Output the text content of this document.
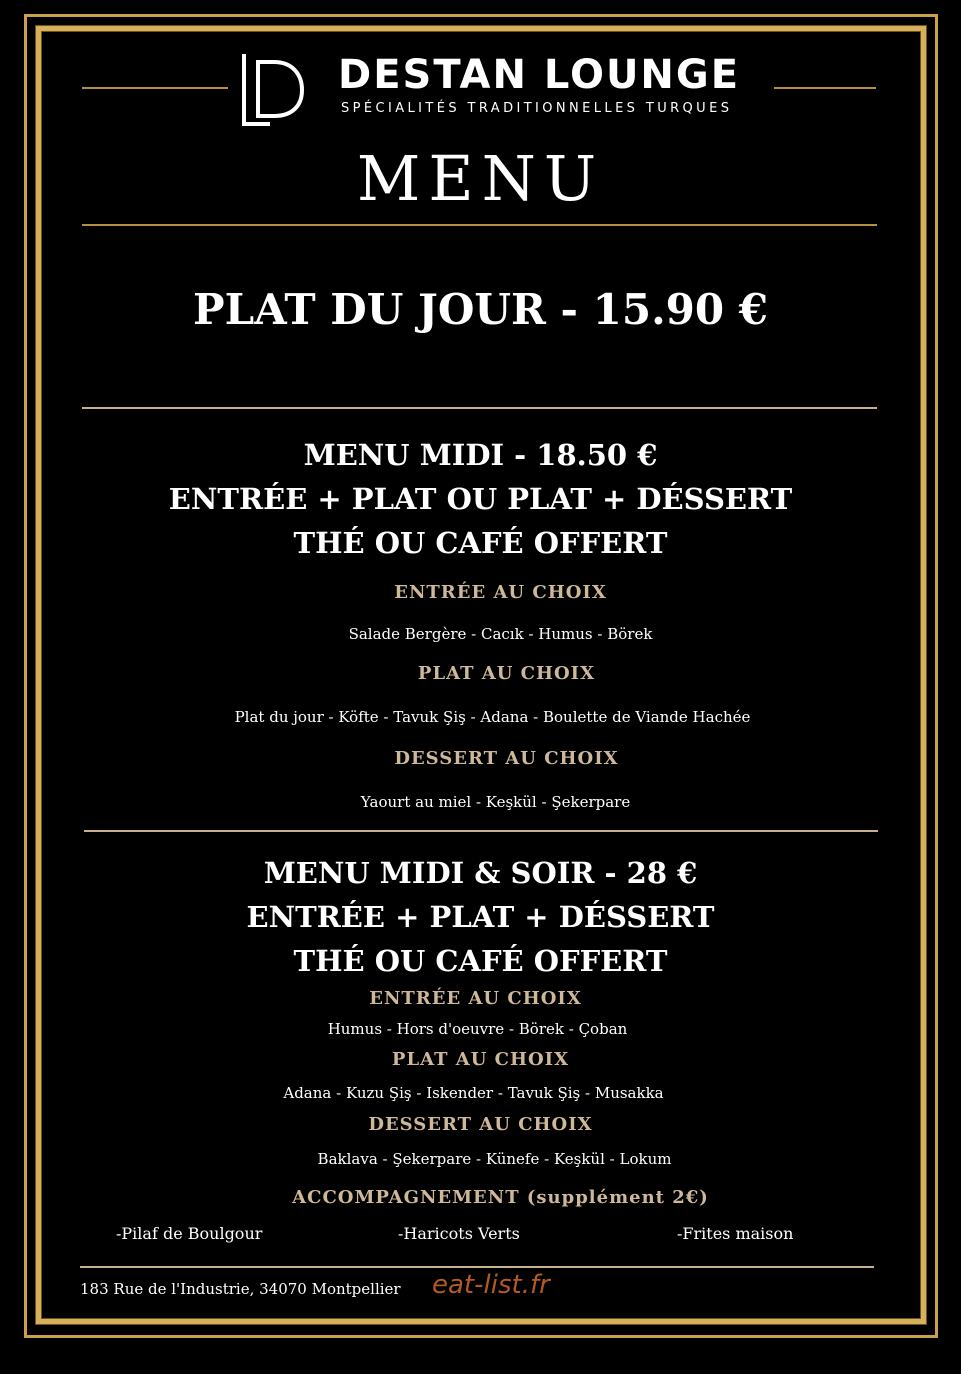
DESTAN LOUNGE
SPÉCIALITÉS TRADITIONNELLES TURQUES
MENU
PLAT DU JOUR - 15.90 €
MENU MIDI - 18.50 €
ENTRÉE + PLAT OU PLAT + DÉSSERT
THÉ OU CAFÉ OFFERT
ENTRÉE AU CHOIX
Salade Bergère - Cacık - Humus - Börek
PLAT AU CHOIX
Plat du jour - Köfte - Tavuk Şiş - Adana - Boulette de Viande Hachée
DESSERT AU CHOIX
Yaourt au miel - Keşkül - Şekerpare
MENU MIDI & SOIR - 28 €
ENTRÉE + PLAT + DÉSSERT
THÉ OU CAFÉ OFFERT
ENTRÉE AU CHOIX
Humus - Hors d'oeuvre - Börek - Çoban
PLAT AU CHOIX
Adana - Kuzu Şiş - Iskender - Tavuk Şiş - Musakka
DESSERT AU CHOIX
Baklava - Şekerpare - Künefe - Keşkül - Lokum
ACCOMPAGNEMENT (supplément 2€)
-Pilaf de Boulgour	-Haricots Verts	-Frites maison
183 Rue de l'Industrie, 34070 Montpellier eat-list.fr
